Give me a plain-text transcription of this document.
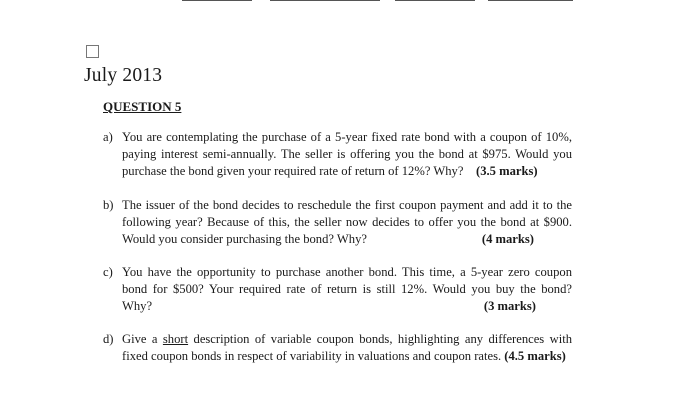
July 2013
QUESTION 5
a) You are contemplating the purchase of a 5-year fixed rate bond with a coupon of 10%,
paying interest semi-annually. The seller is offering you the bond at $975. Would you
purchase the bond given your required rate of return of 12%? Why? (3.5 marks)
b) The issuer of the bond decides to reschedule the first coupon payment and add it to the
following year? Because of this, the seller now decides to offer you the bond at $900.
Would you consider purchasing the bond? Why?	(4 marks)
c) You have the opportunity to purchase another bond. This time, a 5-year zero coupon
bond for $500? Your required rate of return is still 12%. Would you buy the bond?
Why?	(3 marks)
d) Give a short description of variable coupon bonds, highlighting any differences with
fixed coupon bonds in respect of variability in valuations and coupon rates. (4.5 marks)
